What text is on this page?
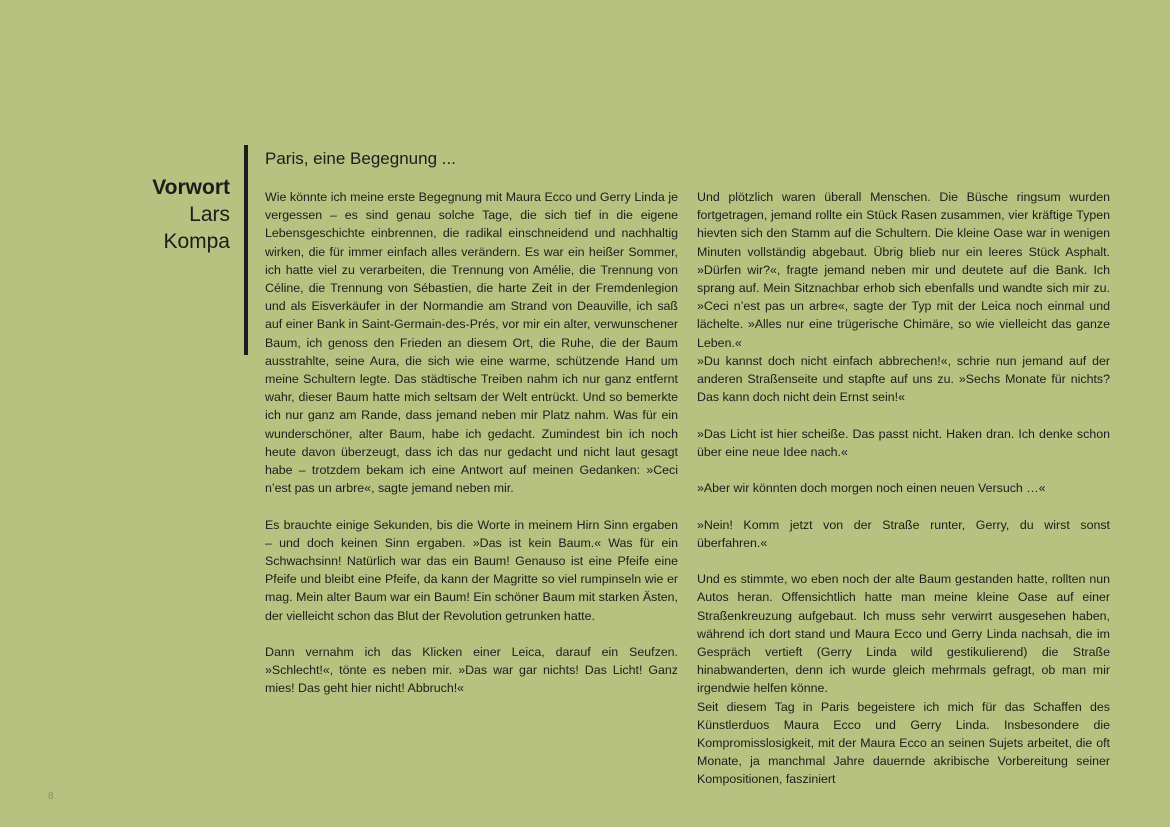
Vorwort
Lars
Kompa
Paris, eine Begegnung ...

Wie könnte ich meine erste Begegnung mit Maura Ecco und Gerry Linda je vergessen – es sind genau solche Tage, die sich tief in die eigene Lebensgeschichte einbrennen, die radikal einschneidend und nachhaltig wirken, die für immer einfach alles verändern. Es war ein heißer Sommer, ich hatte viel zu verarbeiten, die Trennung von Amélie, die Trennung von Céline, die Trennung von Sébastien, die harte Zeit in der Fremdenlegion und als Eisverkäufer in der Normandie am Strand von Deauville, ich saß auf einer Bank in Saint-Germain-des-Prés, vor mir ein alter, verwunschener Baum, ich genoss den Frieden an diesem Ort, die Ruhe, die der Baum ausstrahlte, seine Aura, die sich wie eine warme, schützende Hand um meine Schultern legte. Das städtische Treiben nahm ich nur ganz entfernt wahr, dieser Baum hatte mich seltsam der Welt entrückt. Und so bemerkte ich nur ganz am Rande, dass jemand neben mir Platz nahm. Was für ein wunderschöner, alter Baum, habe ich gedacht. Zumindest bin ich noch heute davon überzeugt, dass ich das nur gedacht und nicht laut gesagt habe – trotzdem bekam ich eine Antwort auf meinen Gedanken: »Ceci n’est pas un arbre«, sagte jemand neben mir.

Es brauchte einige Sekunden, bis die Worte in meinem Hirn Sinn ergaben – und doch keinen Sinn ergaben. »Das ist kein Baum.« Was für ein Schwachsinn! Natürlich war das ein Baum! Genauso ist eine Pfeife eine Pfeife und bleibt eine Pfeife, da kann der Magritte so viel rumpinseln wie er mag. Mein alter Baum war ein Baum! Ein schöner Baum mit starken Ästen, der vielleicht schon das Blut der Revolution getrunken hatte.

Dann vernahm ich das Klicken einer Leica, darauf ein Seufzen. »Schlecht!«, tönte es neben mir. »Das war gar nichts! Das Licht! Ganz mies! Das geht hier nicht! Abbruch!«

Und plötzlich waren überall Menschen. Die Büsche ringsum wurden fortgetragen, jemand rollte ein Stück Rasen zusammen, vier kräftige Typen hievten sich den Stamm auf die Schultern. Die kleine Oase war in wenigen Minuten vollständig abgebaut. Übrig blieb nur ein leeres Stück Asphalt. »Dürfen wir?«, fragte jemand neben mir und deutete auf die Bank. Ich sprang auf. Mein Sitznachbar erhob sich ebenfalls und wandte sich mir zu. »Ceci n’est pas un arbre«, sagte der Typ mit der Leica noch einmal und lächelte. »Alles nur eine trügerische Chimäre, so wie vielleicht das ganze Leben.«

»Du kannst doch nicht einfach abbrechen!«, schrie nun jemand auf der anderen Straßenseite und stapfte auf uns zu. »Sechs Monate für nichts? Das kann doch nicht dein Ernst sein!«

»Das Licht ist hier scheiße. Das passt nicht. Haken dran. Ich denke schon über eine neue Idee nach.«

»Aber wir könnten doch morgen noch einen neuen Versuch …«

»Nein! Komm jetzt von der Straße runter, Gerry, du wirst sonst überfahren.«

Und es stimmte, wo eben noch der alte Baum gestanden hatte, rollten nun Autos heran. Offensichtlich hatte man meine kleine Oase auf einer Straßenkreuzung aufgebaut. Ich muss sehr verwirrt ausgesehen haben, während ich dort stand und Maura Ecco und Gerry Linda nachsah, die im Gespräch vertieft (Gerry Linda wild gestikulierend) die Straße hinabwanderten, denn ich wurde gleich mehrmals gefragt, ob man mir irgendwie helfen könne.

Seit diesem Tag in Paris begeistere ich mich für das Schaffen des Künstlerduos Maura Ecco und Gerry Linda. Insbesondere die Kompromisslosigkeit, mit der Maura Ecco an seinen Sujets arbeitet, die oft Monate, ja manchmal Jahre dauernde akribische Vorbereitung seiner Kompositionen, fasziniert

8
